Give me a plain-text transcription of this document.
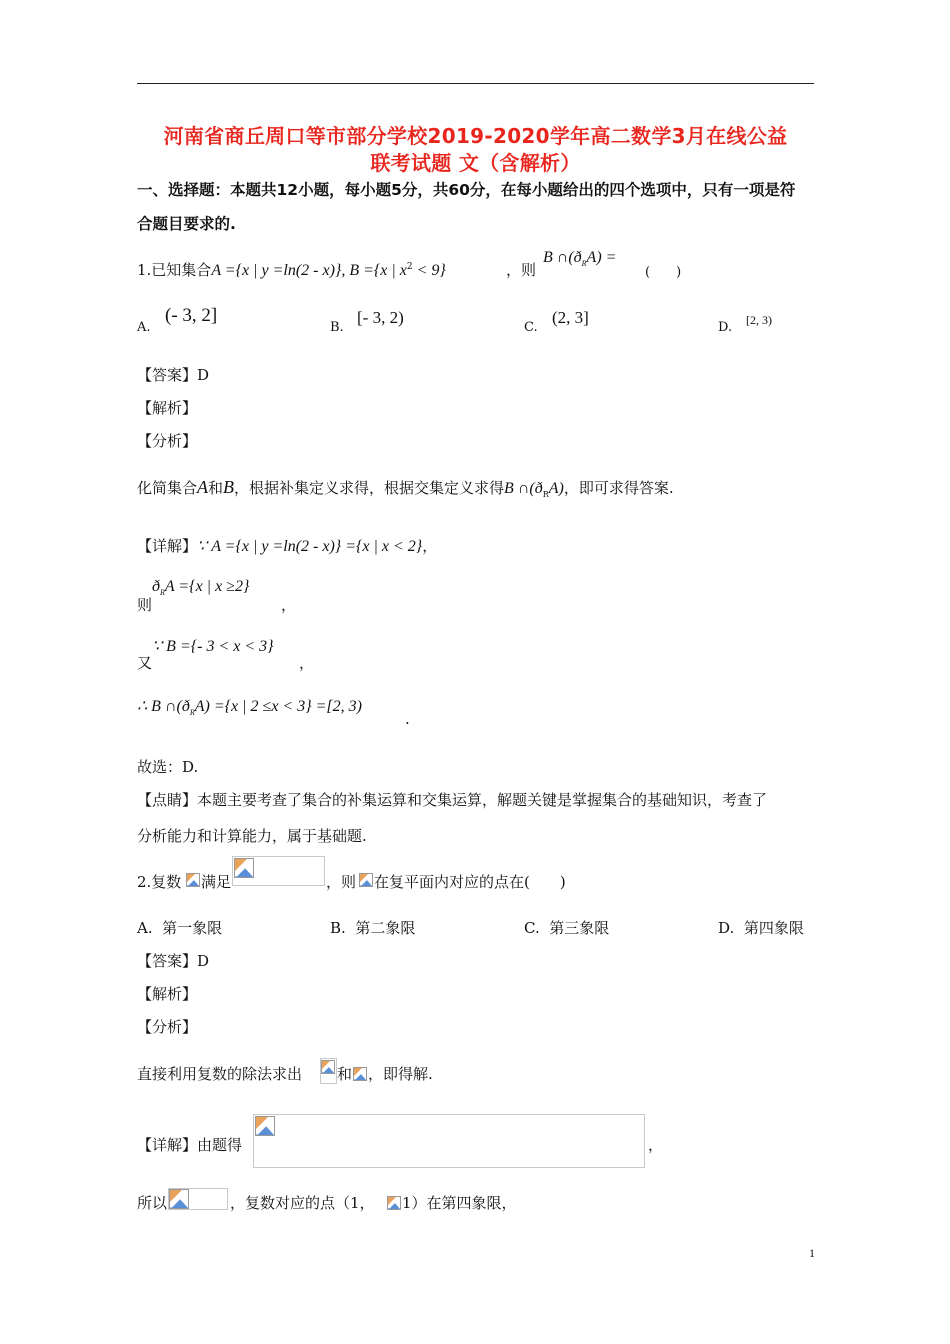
河南省商丘周口等市部分学校2019-2020学年高二数学3月在线公益
联考试题 文（含解析）
一、选择题：本题共12小题，每小题5分，共60分，在每小题给出的四个选项中，只有一项是符
合题目要求的.
1.已知集合A ={x | y =ln(2 - x)}, B ={x | $x^2 < 9$}	，则
B $\cap(ð_RA)$ =
(　　)
A.
(- 3, 2]
B.
[- 3, 2)
C.
(2, 3]
D. [2, 3)
【答案】D
【解析】
【分析】
化简集合A和B，根据补集定义求得，根据交集定义求得B $\cap(ð_RA)$，即可求得答案.
【详解】∵ A ={x | y =ln(2 - x)} ={x | x < 2}，
则
$ð_RA =\{x$ | x ≥2}
，
又
∵ B ={- 3 < x < 3}
，
∴ B $\cap(ð_RA) =\{x$ | 2 ≤x < 3} =[2, 3)
.
故选：D.
【点睛】本题主要考查了集合的补集运算和交集运算，解题关键是掌握集合的基础知识，考查了
分析能力和计算能力，属于基础题.
2.复数 满足	，则 在复平面内对应的点在(　　)
A. 第一象限	B. 第二象限	C. 第三象限	D. 第四象限
【答案】D
【解析】
【分析】
直接利用复数的除法求出 和 ，即得解.
【详解】由题得	，
所以	，复数对应的点（1， 1）在第四象限，
1
